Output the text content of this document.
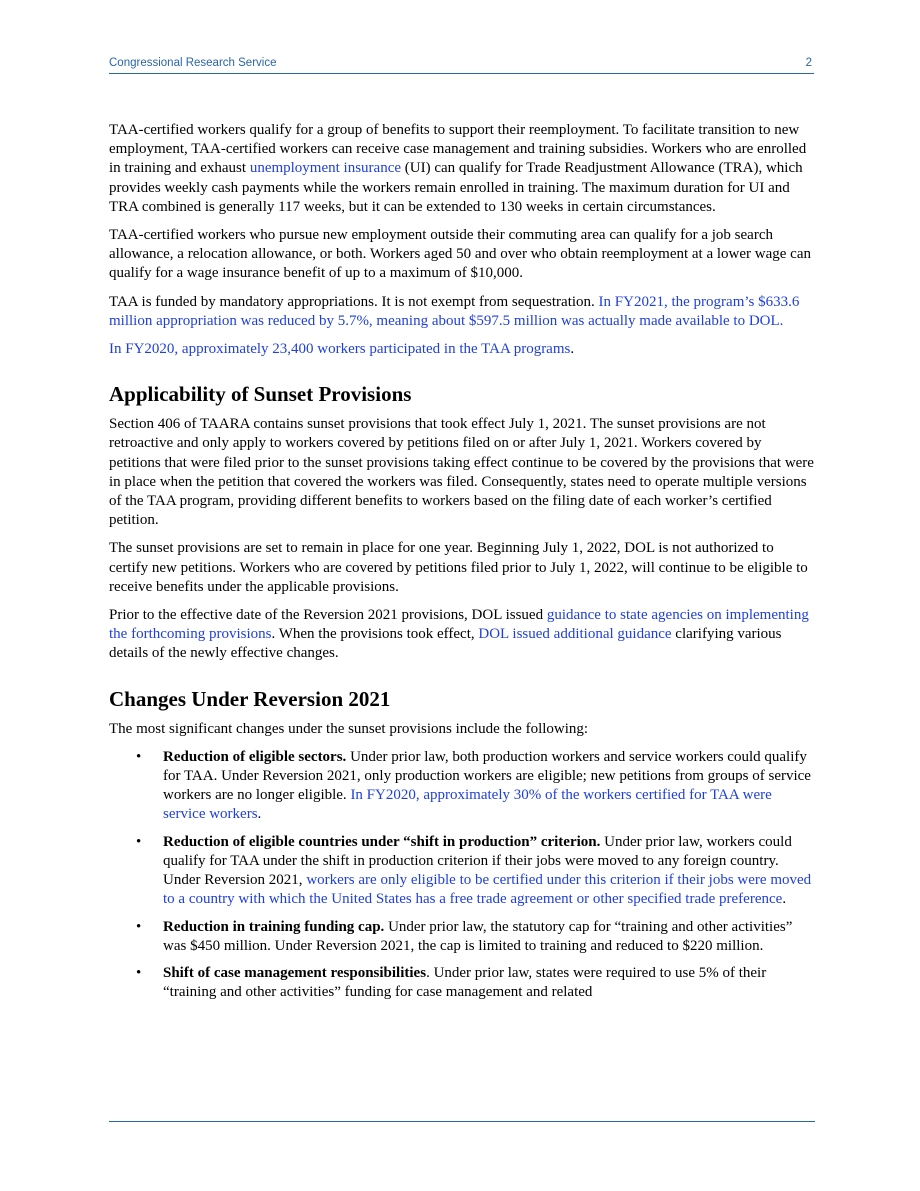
Congressional Research Service	2

TAA-certified workers qualify for a group of benefits to support their reemployment. To facilitate transition to new employment, TAA-certified workers can receive case management and training subsidies. Workers who are enrolled in training and exhaust unemployment insurance (UI) can qualify for Trade Readjustment Allowance (TRA), which provides weekly cash payments while the workers remain enrolled in training. The maximum duration for UI and TRA combined is generally 117 weeks, but it can be extended to 130 weeks in certain circumstances.

TAA-certified workers who pursue new employment outside their commuting area can qualify for a job search allowance, a relocation allowance, or both. Workers aged 50 and over who obtain reemployment at a lower wage can qualify for a wage insurance benefit of up to a maximum of $10,000.

TAA is funded by mandatory appropriations. It is not exempt from sequestration. In FY2021, the program’s $633.6 million appropriation was reduced by 5.7%, meaning about $597.5 million was actually made available to DOL.

In FY2020, approximately 23,400 workers participated in the TAA programs.

Applicability of Sunset Provisions

Section 406 of TAARA contains sunset provisions that took effect July 1, 2021. The sunset provisions are not retroactive and only apply to workers covered by petitions filed on or after July 1, 2021. Workers covered by petitions that were filed prior to the sunset provisions taking effect continue to be covered by the provisions that were in place when the petition that covered the workers was filed. Consequently, states need to operate multiple versions of the TAA program, providing different benefits to workers based on the filing date of each worker’s certified petition.

The sunset provisions are set to remain in place for one year. Beginning July 1, 2022, DOL is not authorized to certify new petitions. Workers who are covered by petitions filed prior to July 1, 2022, will continue to be eligible to receive benefits under the applicable provisions.

Prior to the effective date of the Reversion 2021 provisions, DOL issued guidance to state agencies on implementing the forthcoming provisions. When the provisions took effect, DOL issued additional guidance clarifying various details of the newly effective changes.

Changes Under Reversion 2021

The most significant changes under the sunset provisions include the following:

• Reduction of eligible sectors. Under prior law, both production workers and service workers could qualify for TAA. Under Reversion 2021, only production workers are eligible; new petitions from groups of service workers are no longer eligible. In FY2020, approximately 30% of the workers certified for TAA were service workers.
• Reduction of eligible countries under “shift in production” criterion. Under prior law, workers could qualify for TAA under the shift in production criterion if their jobs were moved to any foreign country. Under Reversion 2021, workers are only eligible to be certified under this criterion if their jobs were moved to a country with which the United States has a free trade agreement or other specified trade preference.
• Reduction in training funding cap. Under prior law, the statutory cap for “training and other activities” was $450 million. Under Reversion 2021, the cap is limited to training and reduced to $220 million.
• Shift of case management responsibilities. Under prior law, states were required to use 5% of their “training and other activities” funding for case management and related
